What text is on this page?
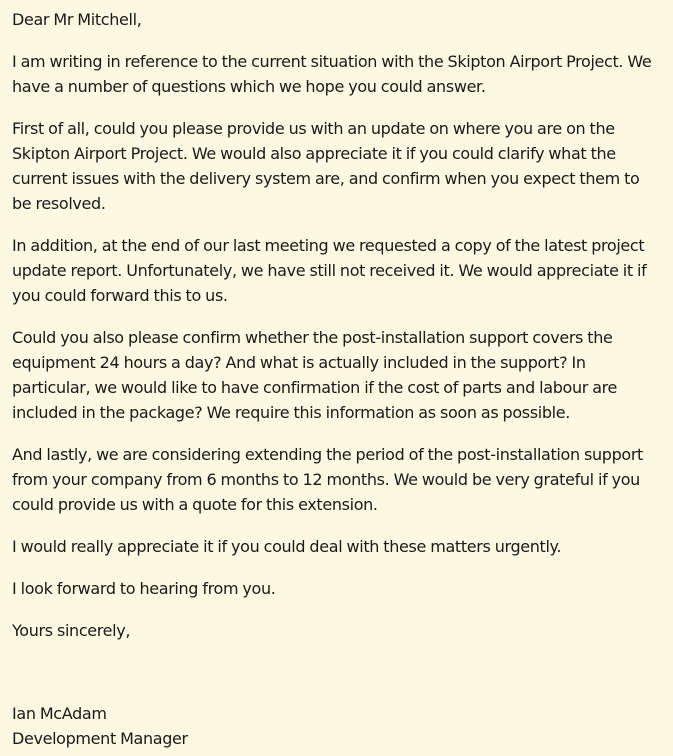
Dear Mr Mitchell,

I am writing in reference to the current situation with the Skipton Airport Project. We have a number of questions which we hope you could answer.

First of all, could you please provide us with an update on where you are on the Skipton Airport Project. We would also appreciate it if you could clarify what the current issues with the delivery system are, and confirm when you expect them to be resolved.

In addition, at the end of our last meeting we requested a copy of the latest project update report. Unfortunately, we have still not received it. We would appreciate it if you could forward this to us.

Could you also please confirm whether the post-installation support covers the equipment 24 hours a day? And what is actually included in the support? In particular, we would like to have confirmation if the cost of parts and labour are included in the package? We require this information as soon as possible.

And lastly, we are considering extending the period of the post-installation support from your company from 6 months to 12 months. We would be very grateful if you could provide us with a quote for this extension.

I would really appreciate it if you could deal with these matters urgently.

I look forward to hearing from you.

Yours sincerely,

Ian McAdam
Development Manager
